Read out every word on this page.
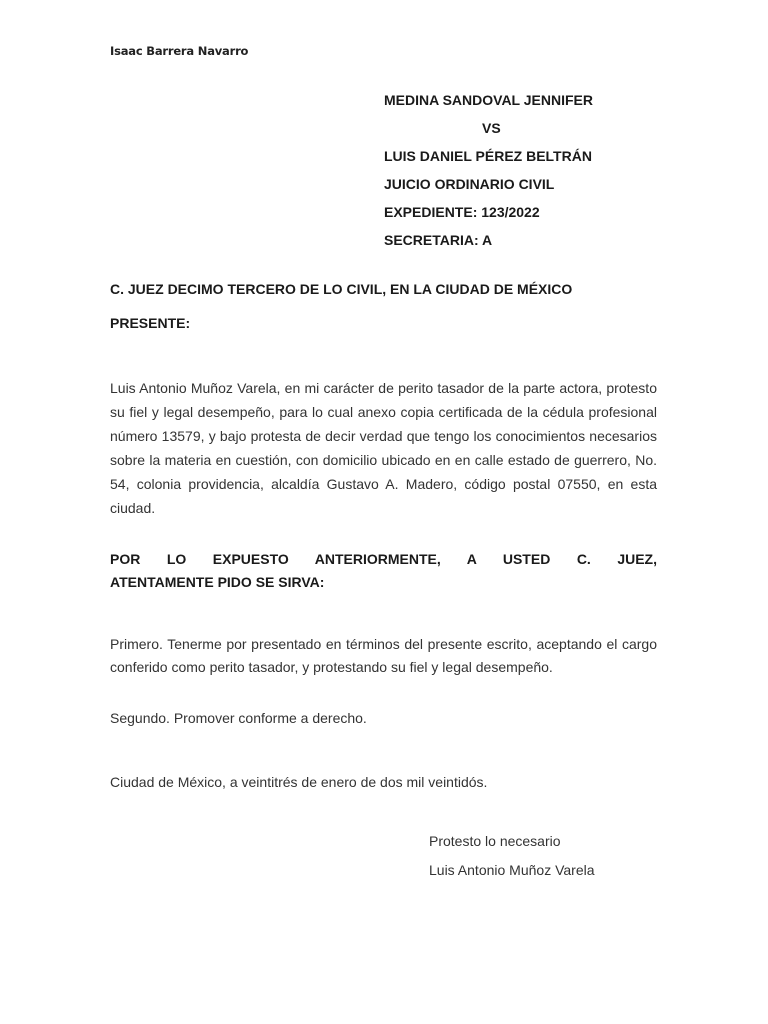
Isaac Barrera Navarro
MEDINA SANDOVAL JENNIFER
VS
LUIS DANIEL PÉREZ BELTRÁN
JUICIO ORDINARIO CIVIL
EXPEDIENTE: 123/2022
SECRETARIA: A
C. JUEZ DECIMO TERCERO DE LO CIVIL, EN LA CIUDAD DE MÉXICO
PRESENTE:
Luis Antonio Muñoz Varela, en mi carácter de perito tasador de la parte actora, protesto su fiel y legal desempeño, para lo cual anexo copia certificada de la cédula profesional número 13579, y bajo protesta de decir verdad que tengo los conocimientos necesarios sobre la materia en cuestión, con domicilio ubicado en en calle estado de guerrero, No. 54, colonia providencia, alcaldía Gustavo A. Madero, código postal 07550, en esta ciudad.
POR LO EXPUESTO ANTERIORMENTE, A USTED C. JUEZ,
ATENTAMENTE PIDO SE SIRVA:
Primero. Tenerme por presentado en términos del presente escrito, aceptando el cargo conferido como perito tasador, y protestando su fiel y legal desempeño.
Segundo. Promover conforme a derecho.
Ciudad de México, a veintitrés de enero de dos mil veintidós.
Protesto lo necesario
Luis Antonio Muñoz Varela
